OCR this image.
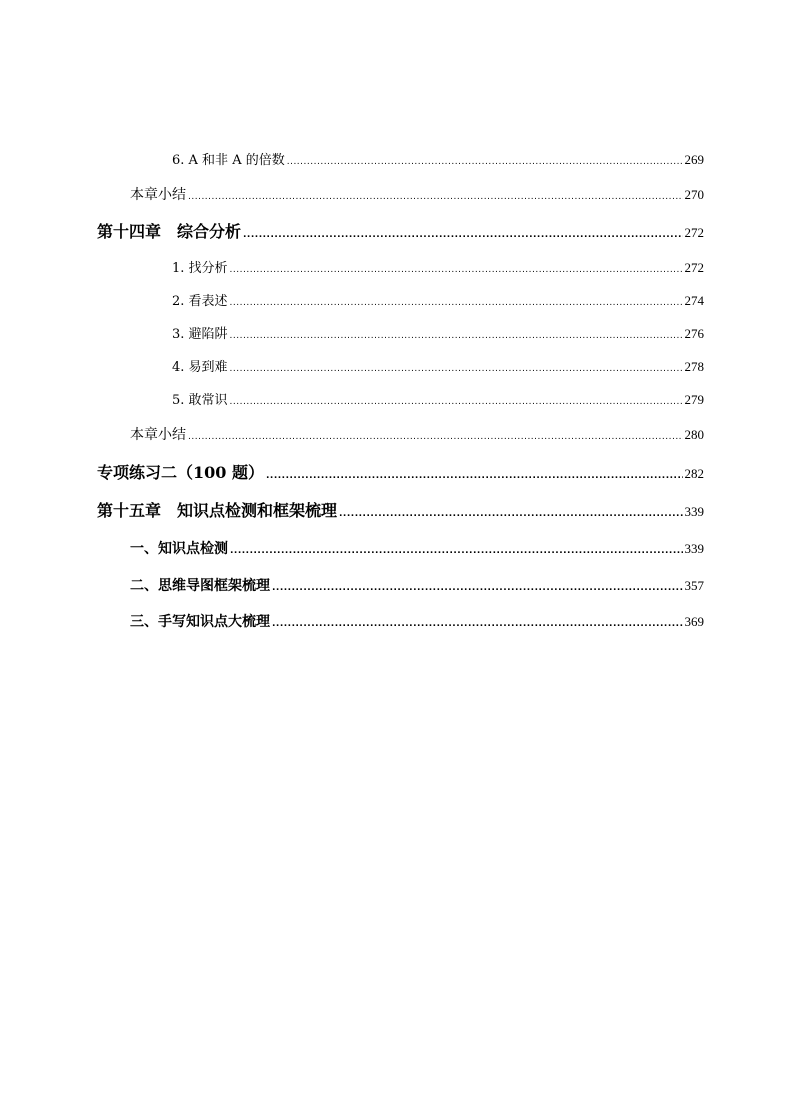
6. A 和非 A 的倍数 .....	269
本章小结 .....	270
第十四章　综合分析 .....	272
1. 找分析 .....	272
2. 看表述 .....	274
3. 避陷阱 .....	276
4. 易到难 .....	278
5. 敢常识 .....	279
本章小结 .....	280
专项练习二（100 题） .....	282
第十五章　知识点检测和框架梳理 .....	339
一、知识点检测 .....	339
二、思维导图框架梳理 .....	357
三、手写知识点大梳理 .....	369
